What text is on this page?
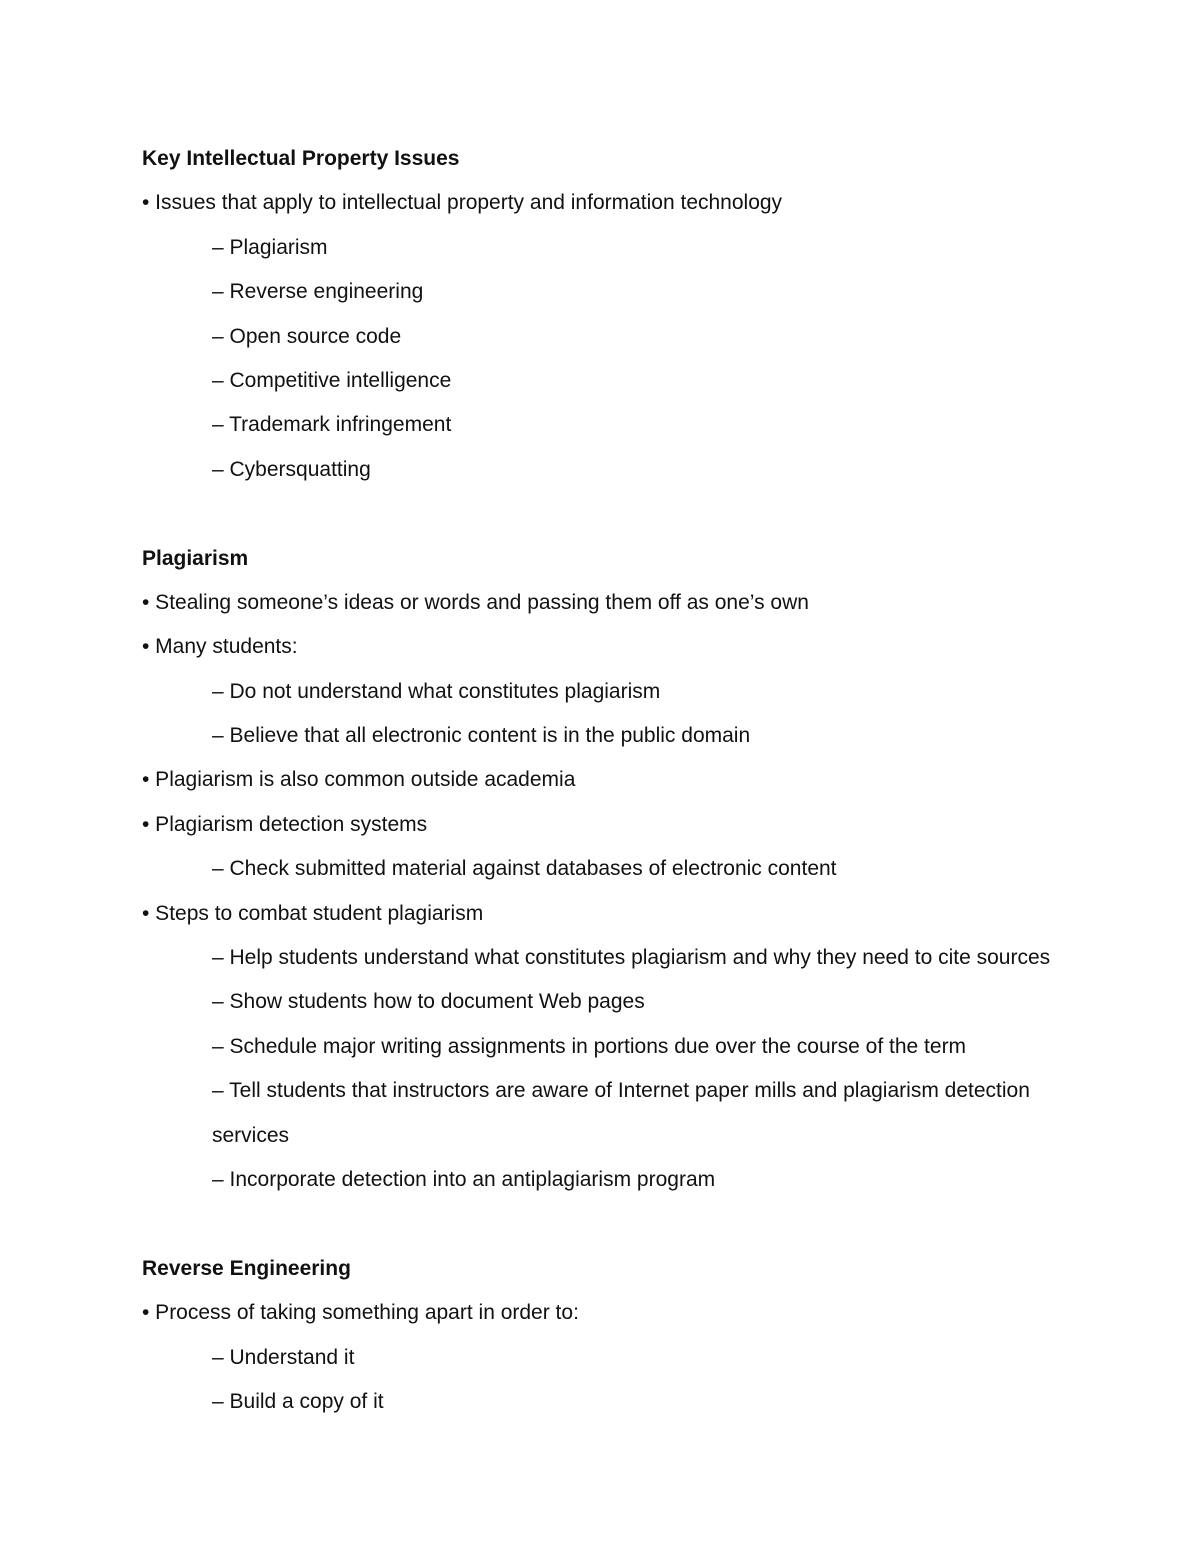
Key Intellectual Property Issues
• Issues that apply to intellectual property and information technology
– Plagiarism
– Reverse engineering
– Open source code
– Competitive intelligence
– Trademark infringement
– Cybersquatting
Plagiarism
• Stealing someone’s ideas or words and passing them off as one’s own
• Many students:
– Do not understand what constitutes plagiarism
– Believe that all electronic content is in the public domain
• Plagiarism is also common outside academia
• Plagiarism detection systems
– Check submitted material against databases of electronic content
• Steps to combat student plagiarism
– Help students understand what constitutes plagiarism and why they need to cite sources
– Show students how to document Web pages
– Schedule major writing assignments in portions due over the course of the term
– Tell students that instructors are aware of Internet paper mills and plagiarism detection
services
– Incorporate detection into an antiplagiarism program
Reverse Engineering
• Process of taking something apart in order to:
– Understand it
– Build a copy of it
